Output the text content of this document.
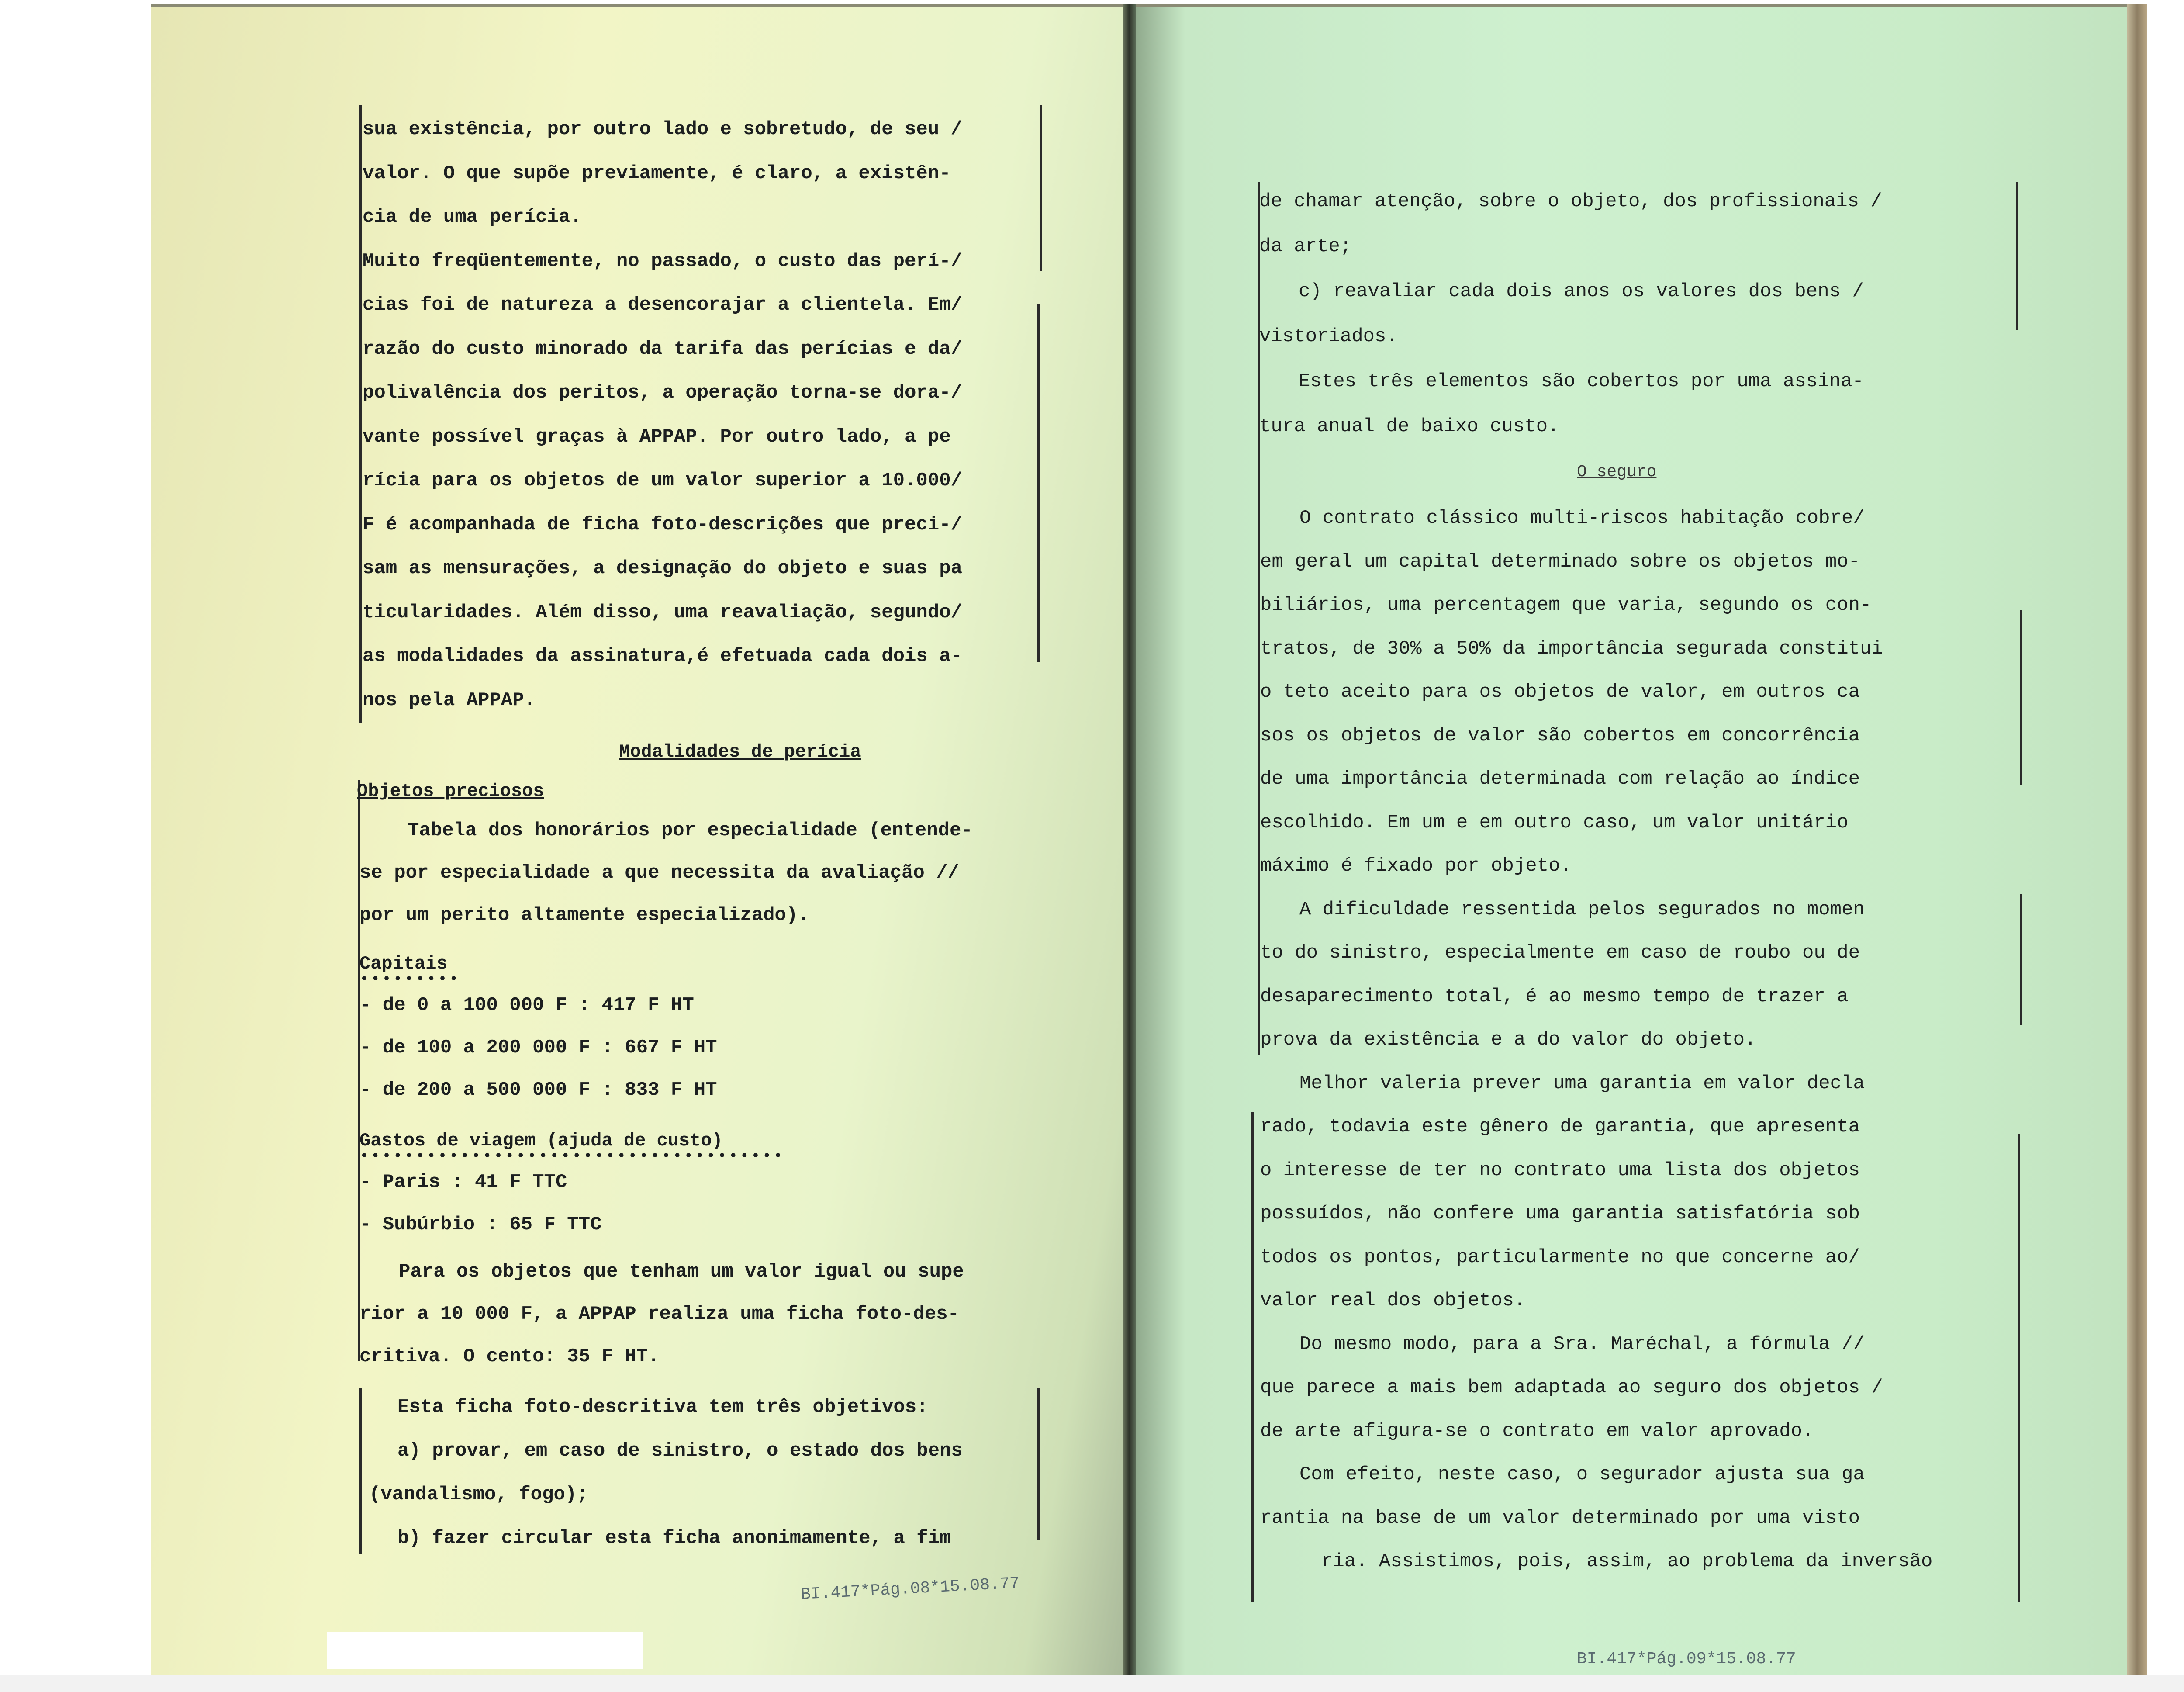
sua existência, por outro lado e sobretudo, de seu /
valor. O que supõe previamente, é claro, a existên-
cia de uma perícia.
Muito freqüentemente, no passado, o custo das perí-/
cias foi de natureza a desencorajar a clientela. Em/
razão do custo minorado da tarifa das perícias e da/
polivalência dos peritos, a operação torna-se dora-/
vante possível graças à APPAP. Por outro lado, a pe
rícia para os objetos de um valor superior a 10.000/
F é acompanhada de ficha foto-descrições que preci-/
sam as mensurações, a designação do objeto e suas pa
ticularidades. Além disso, uma reavaliação, segundo/
as modalidades da assinatura,é efetuada cada dois a-
nos pela APPAP.
Modalidades de perícia
Objetos preciosos
Tabela dos honorários por especialidade (entende-
se por especialidade a que necessita da avaliação //
por um perito altamente especializado).
Capitais
•••••••••
- de 0 a 100 000 F : 417 F HT
- de 100 a 200 000 F : 667 F HT
- de 200 a 500 000 F : 833 F HT
Gastos de viagem (ajuda de custo)
••••••••••••••••••••••••••••••••••••••
- Paris : 41 F TTC
- Subúrbio : 65 F TTC
Para os objetos que tenham um valor igual ou supe
rior a 10 000 F, a APPAP realiza uma ficha foto-des-
critiva. O cento: 35 F HT.
Esta ficha foto-descritiva tem três objetivos:
a) provar, em caso de sinistro, o estado dos bens
(vandalismo, fogo);
b) fazer circular esta ficha anonimamente, a fim
BI.417*Pág.08*15.08.77
de chamar atenção, sobre o objeto, dos profissionais /
da arte;
c) reavaliar cada dois anos os valores dos bens /
vistoriados.
Estes três elementos são cobertos por uma assina-
tura anual de baixo custo.
O seguro
O contrato clássico multi-riscos habitação cobre/
em geral um capital determinado sobre os objetos mo-
biliários, uma percentagem que varia, segundo os con-
tratos, de 30% a 50% da importância segurada constitui
o teto aceito para os objetos de valor, em outros ca
sos os objetos de valor são cobertos em concorrência
de uma importância determinada com relação ao índice
escolhido. Em um e em outro caso, um valor unitário
máximo é fixado por objeto.
A dificuldade ressentida pelos segurados no momen
to do sinistro, especialmente em caso de roubo ou de
desaparecimento total, é ao mesmo tempo de trazer a
prova da existência e a do valor do objeto.
Melhor valeria prever uma garantia em valor decla
rado, todavia este gênero de garantia, que apresenta
o interesse de ter no contrato uma lista dos objetos
possuídos, não confere uma garantia satisfatória sob
todos os pontos, particularmente no que concerne ao/
valor real dos objetos.
Do mesmo modo, para a Sra. Maréchal, a fórmula //
que parece a mais bem adaptada ao seguro dos objetos /
de arte afigura-se o contrato em valor aprovado.
Com efeito, neste caso, o segurador ajusta sua ga
rantia na base de um valor determinado por uma visto
ria. Assistimos, pois, assim, ao problema da inversão
BI.417*Pág.09*15.08.77
